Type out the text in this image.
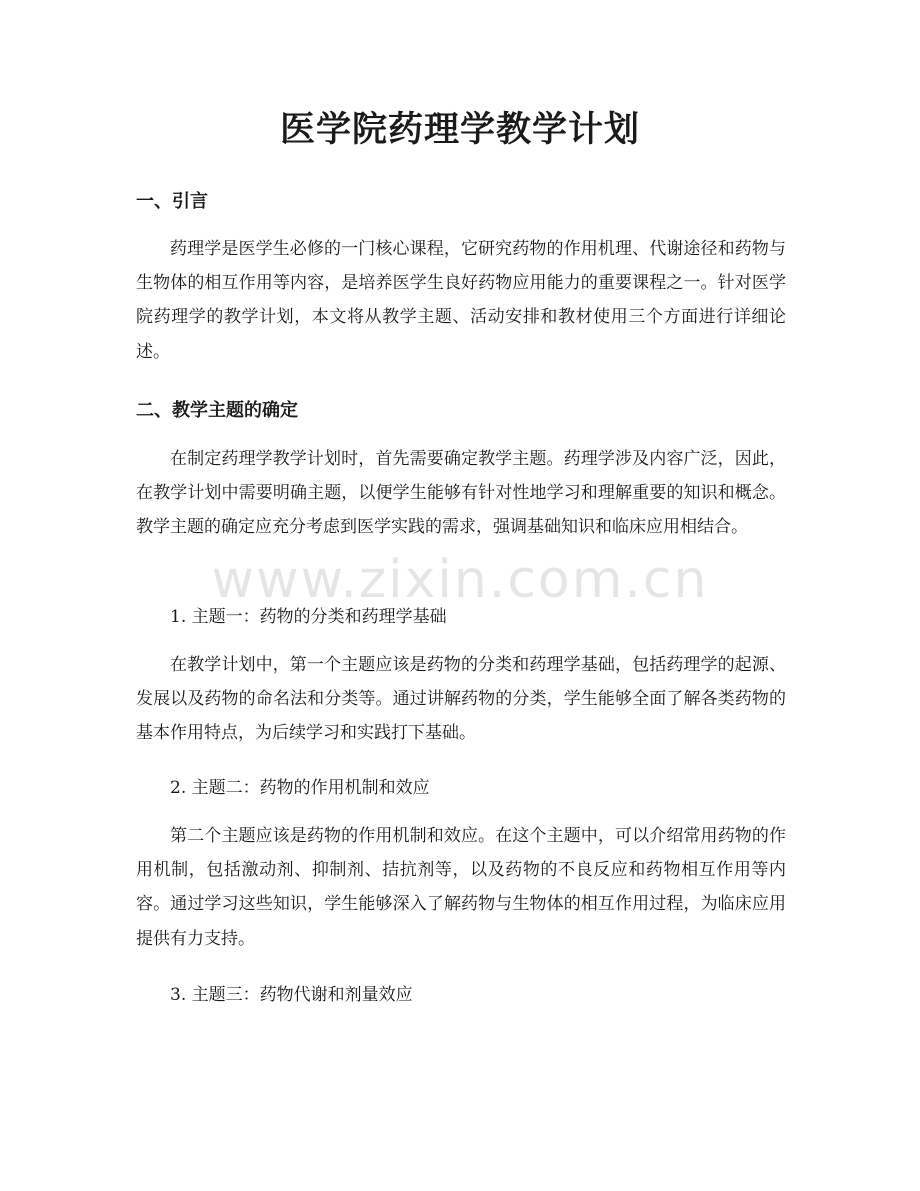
医学院药理学教学计划
一、引言

药理学是医学生必修的一门核心课程，它研究药物的作用机理、代谢途径和药物与生物体的相互作用等内容，是培养医学生良好药物应用能力的重要课程之一。针对医学院药理学的教学计划，本文将从教学主题、活动安排和教材使用三个方面进行详细论述。

二、教学主题的确定

在制定药理学教学计划时，首先需要确定教学主题。药理学涉及内容广泛，因此，在教学计划中需要明确主题，以便学生能够有针对性地学习和理解重要的知识和概念。教学主题的确定应充分考虑到医学实践的需求，强调基础知识和临床应用相结合。

1. 主题一：药物的分类和药理学基础

在教学计划中，第一个主题应该是药物的分类和药理学基础，包括药理学的起源、发展以及药物的命名法和分类等。通过讲解药物的分类，学生能够全面了解各类药物的基本作用特点，为后续学习和实践打下基础。

2. 主题二：药物的作用机制和效应

第二个主题应该是药物的作用机制和效应。在这个主题中，可以介绍常用药物的作用机制，包括激动剂、抑制剂、拮抗剂等，以及药物的不良反应和药物相互作用等内容。通过学习这些知识，学生能够深入了解药物与生物体的相互作用过程，为临床应用提供有力支持。

3. 主题三：药物代谢和剂量效应

www.zixin.com.cn
